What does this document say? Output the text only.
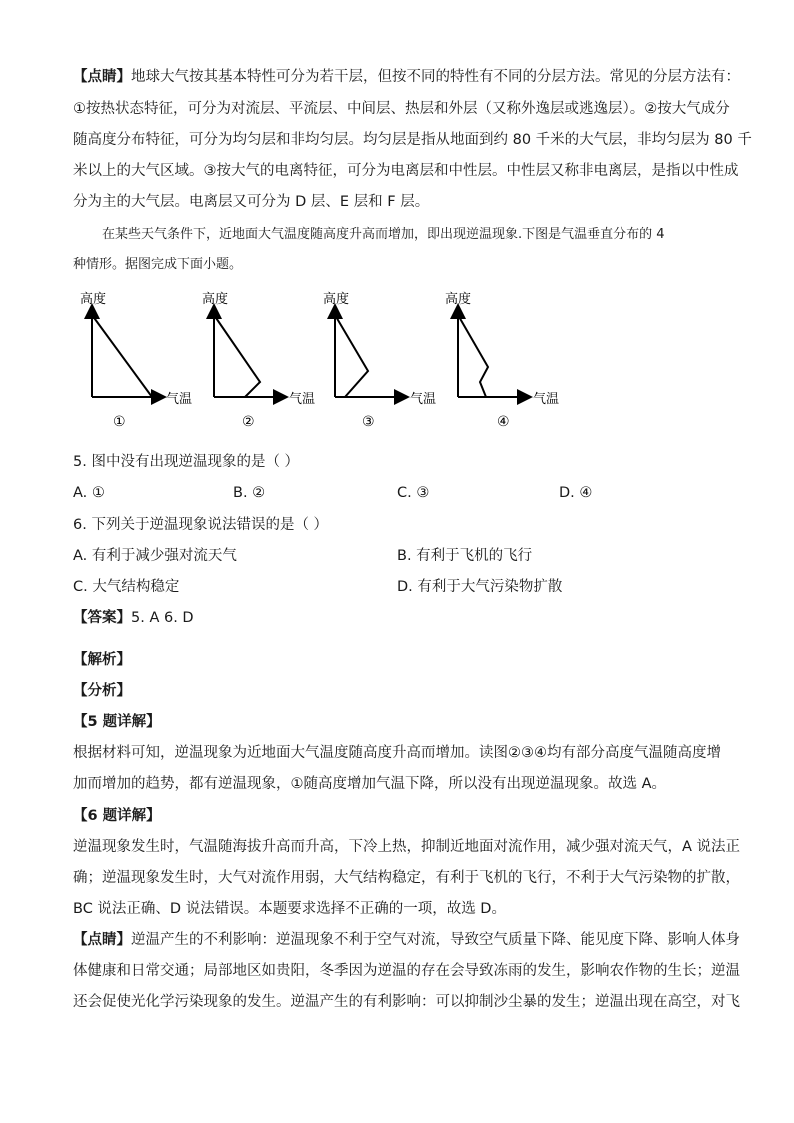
【点睛】地球大气按其基本特性可分为若干层，但按不同的特性有不同的分层方法。常见的分层方法有：
①按热状态特征，可分为对流层、平流层、中间层、热层和外层（又称外逸层或逃逸层）。②按大气成分
随高度分布特征，可分为均匀层和非均匀层。均匀层是指从地面到约 80 千米的大气层，非均匀层为 80 千
米以上的大气区域。③按大气的电离特征，可分为电离层和中性层。中性层又称非电离层，是指以中性成
分为主的大气层。电离层又可分为 D 层、E 层和 F 层。
在某些天气条件下，近地面大气温度随高度升高而增加，即出现逆温现象.下图是气温垂直分布的 4
种情形。据图完成下面小题。
高度
气温
①
高度
气温
②
高度
气温
③
高度
气温
④
5. 图中没有出现逆温现象的是（ ）
A. ①	B. ②	C. ③	D. ④
6. 下列关于逆温现象说法错误的是（ ）
A. 有利于减少强对流天气	B. 有利于飞机的飞行
C. 大气结构稳定	D. 有利于大气污染物扩散
【答案】5. A 6. D
【解析】
【分析】
【5 题详解】
根据材料可知，逆温现象为近地面大气温度随高度升高而增加。读图②③④均有部分高度气温随高度增
加而增加的趋势，都有逆温现象，①随高度增加气温下降，所以没有出现逆温现象。故选 A。
【6 题详解】
逆温现象发生时，气温随海拔升高而升高，下冷上热，抑制近地面对流作用，减少强对流天气，A 说法正
确；逆温现象发生时，大气对流作用弱，大气结构稳定，有利于飞机的飞行，不利于大气污染物的扩散，
BC 说法正确、D 说法错误。本题要求选择不正确的一项，故选 D。
【点睛】逆温产生的不利影响：逆温现象不利于空气对流，导致空气质量下降、能见度下降、影响人体身
体健康和日常交通；局部地区如贵阳，冬季因为逆温的存在会导致冻雨的发生，影响农作物的生长；逆温
还会促使光化学污染现象的发生。逆温产生的有利影响：可以抑制沙尘暴的发生；逆温出现在高空，对飞
